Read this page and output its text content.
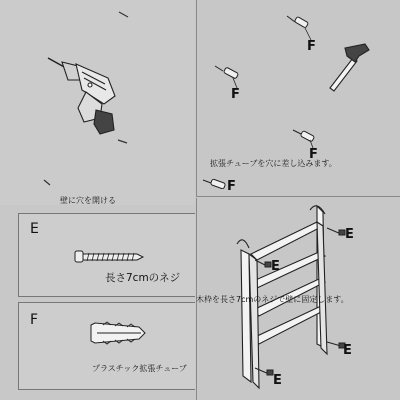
壁に穴を開ける
F
F
F
F
拡張チューブを穴に差し込みます。
E
長さ7cmのネジ
F
プラスチック拡張チューブ
E
E
E
E
木枠を長さ7cmのネジで壁に固定します。
